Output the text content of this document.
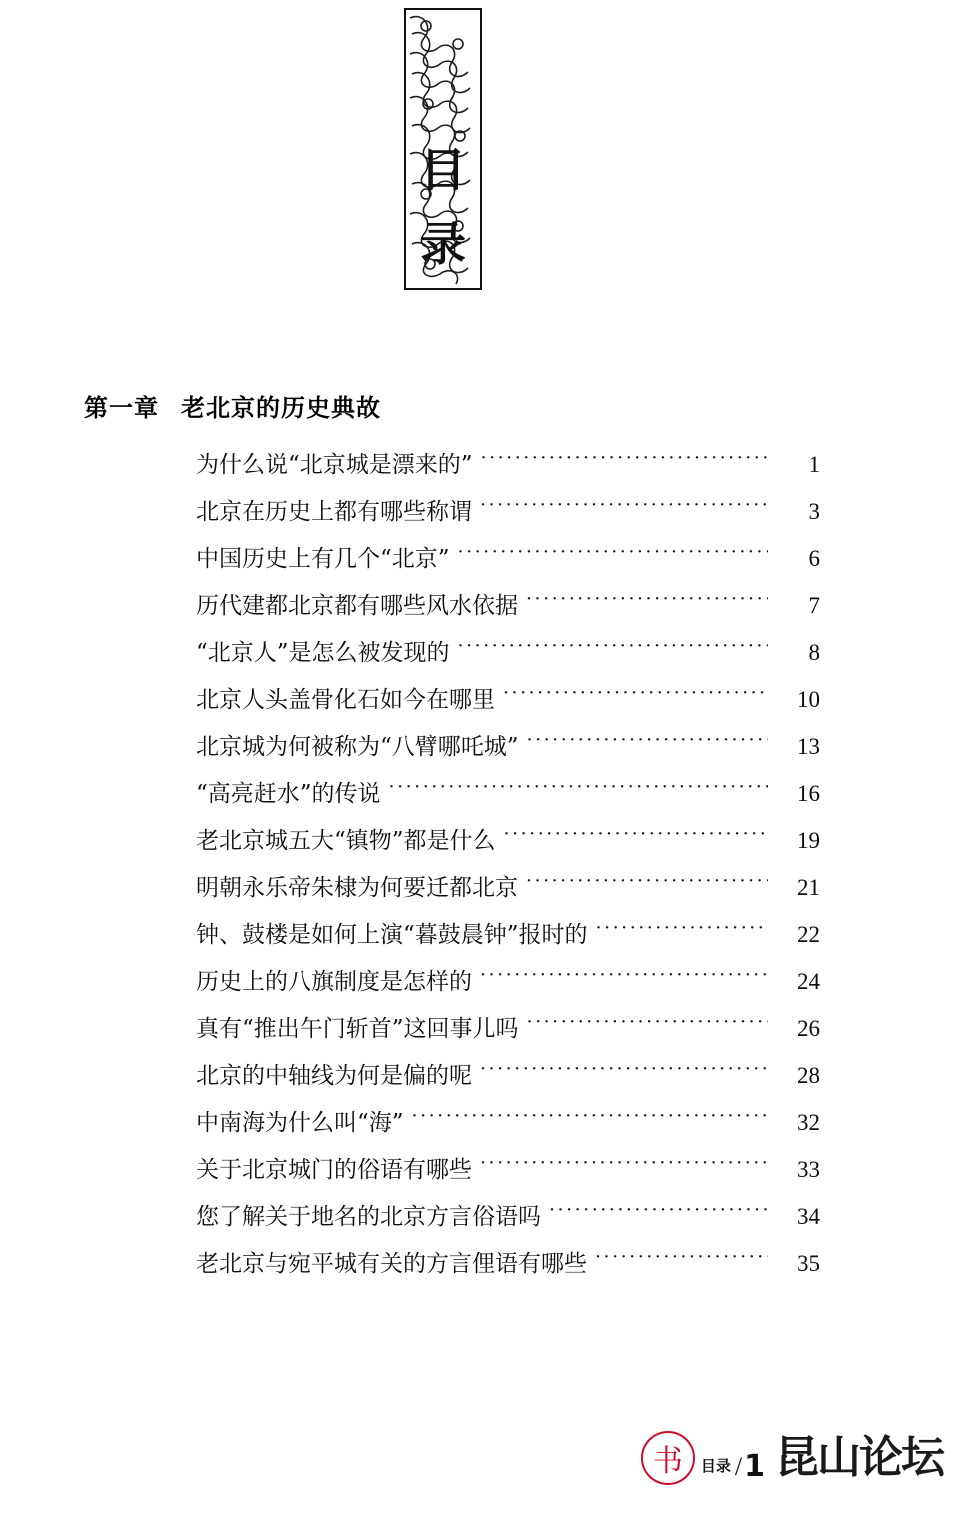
目
录
第一章 老北京的历史典故
为什么说“北京城是漂来的” ·····	1
北京在历史上都有哪些称谓 ·····	3
中国历史上有几个“北京” ·····	6
历代建都北京都有哪些风水依据 ·····	7
“北京人”是怎么被发现的 ·····	8
北京人头盖骨化石如今在哪里 ·····	10
北京城为何被称为“八臂哪吒城” ·····	13
“高亮赶水”的传说 ·····	16
老北京城五大“镇物”都是什么 ·····	19
明朝永乐帝朱棣为何要迁都北京 ·····	21
钟、鼓楼是如何上演“暮鼓晨钟”报时的 ·····	22
历史上的八旗制度是怎样的 ·····	24
真有“推出午门斩首”这回事儿吗 ·····	26
北京的中轴线为何是偏的呢 ·····	28
中南海为什么叫“海” ·····	32
关于北京城门的俗语有哪些 ·····	33
您了解关于地名的北京方言俗语吗 ·····	34
老北京与宛平城有关的方言俚语有哪些 ·····	35
书	目录 / 1 昆山论坛
